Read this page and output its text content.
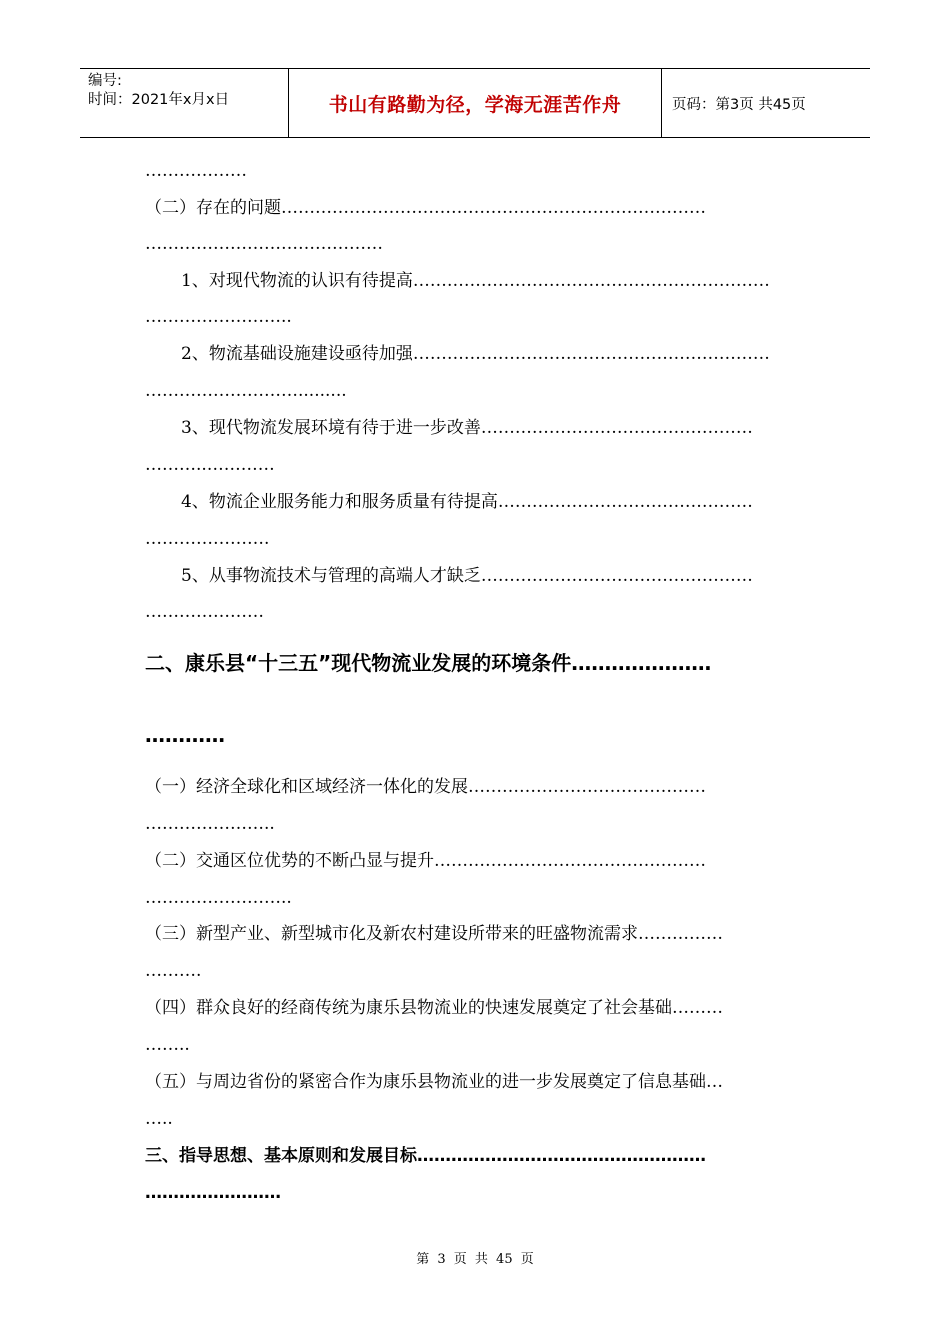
编号:
时间：2021年x月x日	书山有路勤为径，学海无涯苦作舟	页码：第3页 共45页
………………
（二）存在的问题…………………………………………………………………
……………………………………
1、对现代物流的认识有待提高………………………………………………………
……………………..
2、物流基础设施建设亟待加强………………………………………………………
……………………….........
3、现代物流发展环境有待于进一步改善…………………………………………
………..…………
4、物流企业服务能力和服务质量有待提高………………………………………
………………….
5、从事物流技术与管理的高端人才缺乏…………………………………………
…………………
二、康乐县“十三五”现代物流业发展的环境条件…………………
…………
（一）经济全球化和区域经济一体化的发展……………………………………
…………………..
（二）交通区位优势的不断凸显与提升…………………………………………
……………………..
（三）新型产业、新型城市化及新农村建设所带来的旺盛物流需求……………
……….
（四）群众良好的经商传统为康乐县物流业的快速发展奠定了社会基础………
……..
（五）与周边省份的紧密合作为康乐县物流业的进一步发展奠定了信息基础…
…..
三、指导思想、基本原则和发展目标……………………………………………
……………………
第 3 页 共 45 页
